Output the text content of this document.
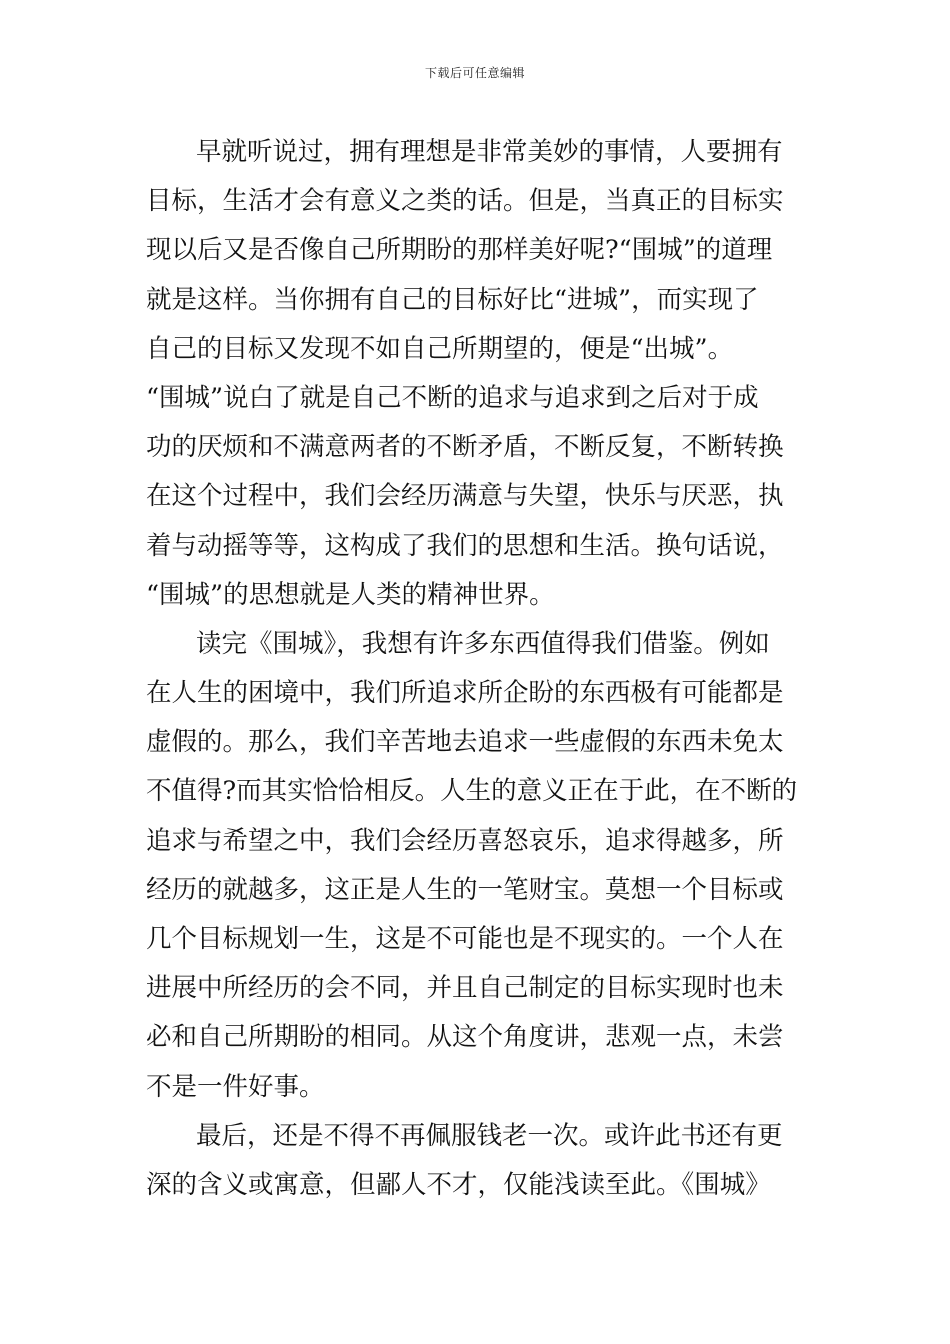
下载后可任意编辑
早就听说过，拥有理想是非常美妙的事情，人要拥有
目标，生活才会有意义之类的话。但是，当真正的目标实
现以后又是否像自己所期盼的那样美好呢?“围城”的道理
就是这样。当你拥有自己的目标好比“进城”，而实现了
自己的目标又发现不如自己所期望的，便是“出城”。
“围城”说白了就是自己不断的追求与追求到之后对于成
功的厌烦和不满意两者的不断矛盾，不断反复，不断转换
在这个过程中，我们会经历满意与失望，快乐与厌恶，执
着与动摇等等，这构成了我们的思想和生活。换句话说，
“围城”的思想就是人类的精神世界。
读完《围城》，我想有许多东西值得我们借鉴。例如
在人生的困境中，我们所追求所企盼的东西极有可能都是
虚假的。那么，我们辛苦地去追求一些虚假的东西未免太
不值得?而其实恰恰相反。人生的意义正在于此，在不断的
追求与希望之中，我们会经历喜怒哀乐，追求得越多，所
经历的就越多，这正是人生的一笔财宝。莫想一个目标或
几个目标规划一生，这是不可能也是不现实的。一个人在
进展中所经历的会不同，并且自己制定的目标实现时也未
必和自己所期盼的相同。从这个角度讲，悲观一点，未尝
不是一件好事。
最后，还是不得不再佩服钱老一次。或许此书还有更
深的含义或寓意，但鄙人不才，仅能浅读至此。《围城》
